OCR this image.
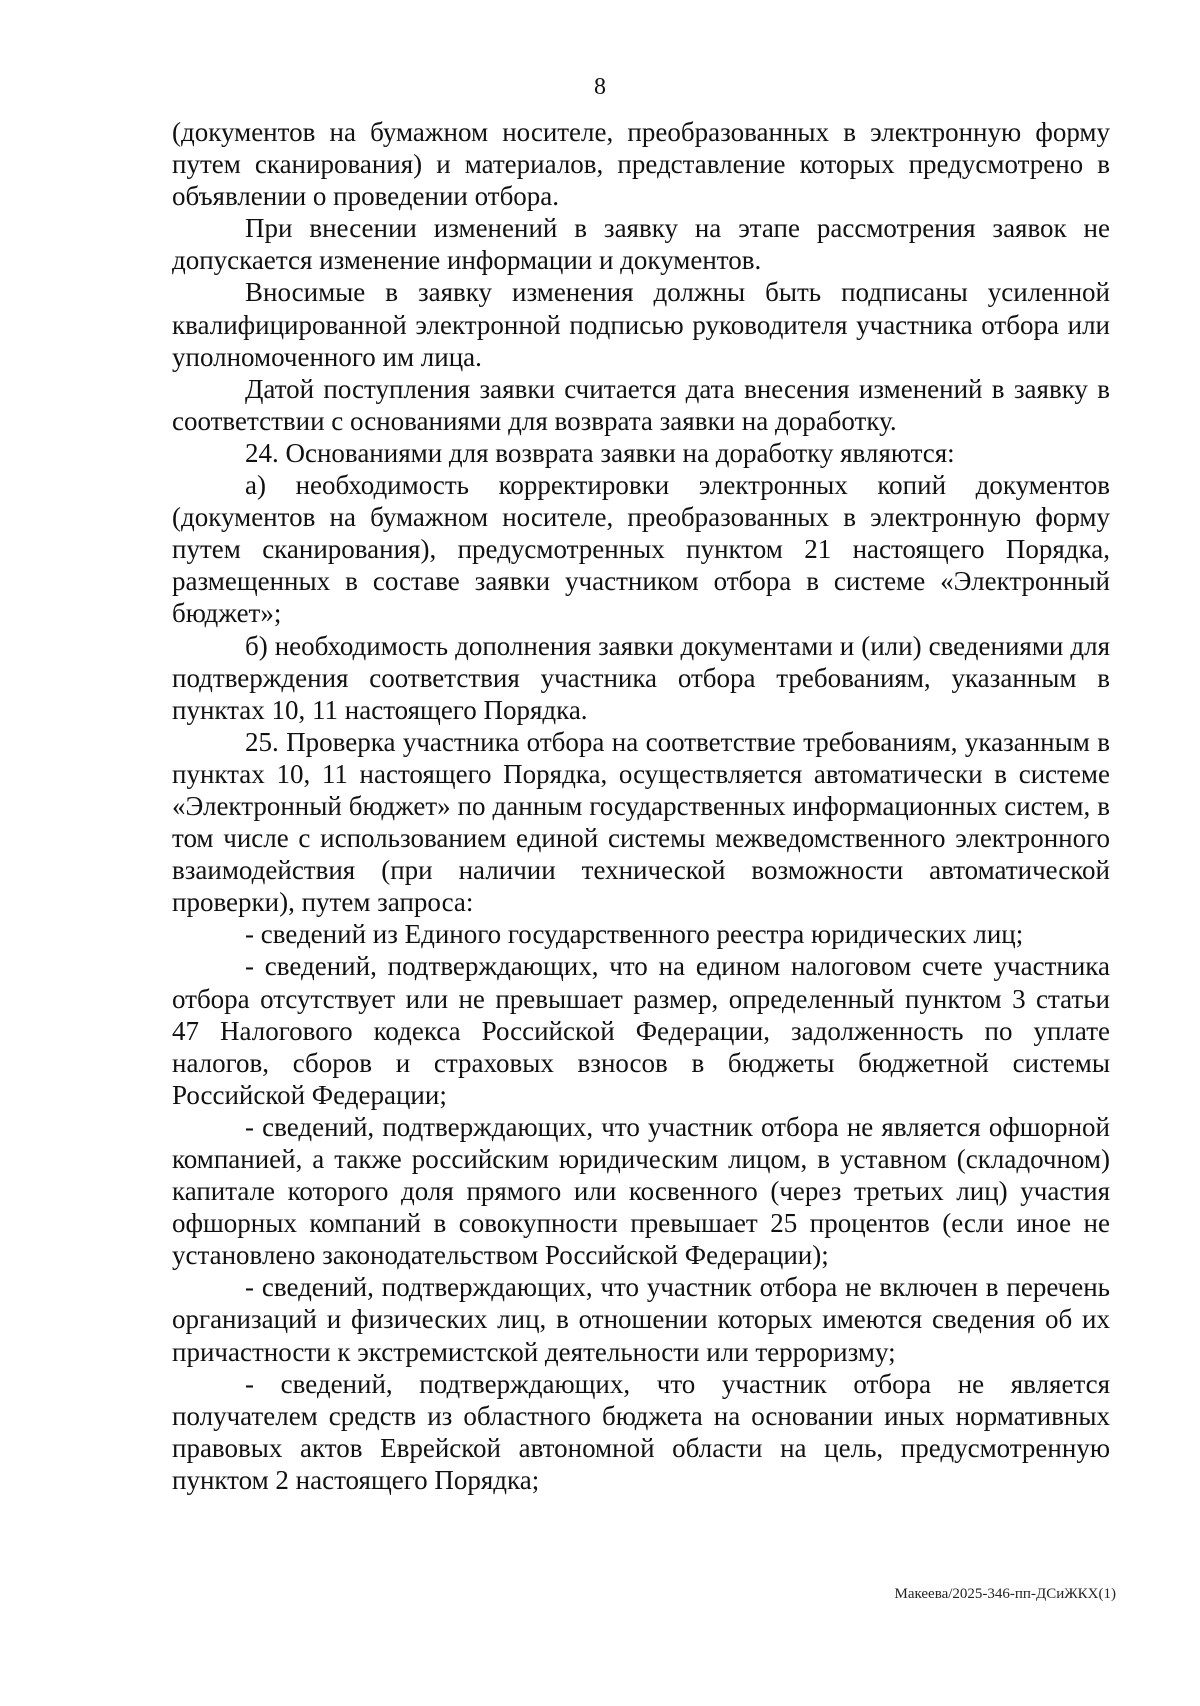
8

(документов на бумажном носителе, преобразованных в электронную форму путем сканирования) и материалов, представление которых предусмотрено в объявлении о проведении отбора.

При внесении изменений в заявку на этапе рассмотрения заявок не допускается изменение информации и документов.

Вносимые в заявку изменения должны быть подписаны усиленной квалифицированной электронной подписью руководителя участника отбора или уполномоченного им лица.

Датой поступления заявки считается дата внесения изменений в заявку в соответствии с основаниями для возврата заявки на доработку.

24. Основаниями для возврата заявки на доработку являются:

а) необходимость корректировки электронных копий документов (документов на бумажном носителе, преобразованных в электронную форму путем сканирования), предусмотренных пунктом 21 настоящего Порядка, размещенных в составе заявки участником отбора в системе «Электронный бюджет»;

б) необходимость дополнения заявки документами и (или) сведениями для подтверждения соответствия участника отбора требованиям, указанным в пунктах 10, 11 настоящего Порядка.

25. Проверка участника отбора на соответствие требованиям, указанным в пунктах 10, 11 настоящего Порядка, осуществляется автоматически в системе «Электронный бюджет» по данным государственных информационных систем, в том числе с использованием единой системы межведомственного электронного взаимодействия (при наличии технической возможности автоматической проверки), путем запроса:

- сведений из Единого государственного реестра юридических лиц;

- сведений, подтверждающих, что на едином налоговом счете участника отбора отсутствует или не превышает размер, определенный пунктом 3 статьи 47 Налогового кодекса Российской Федерации, задолженность по уплате налогов, сборов и страховых взносов в бюджеты бюджетной системы Российской Федерации;

- сведений, подтверждающих, что участник отбора не является офшорной компанией, а также российским юридическим лицом, в уставном (складочном) капитале которого доля прямого или косвенного (через третьих лиц) участия офшорных компаний в совокупности превышает 25 процентов (если иное не установлено законодательством Российской Федерации);

- сведений, подтверждающих, что участник отбора не включен в перечень организаций и физических лиц, в отношении которых имеются сведения об их причастности к экстремистской деятельности или терроризму;

- сведений, подтверждающих, что участник отбора не является получателем средств из областного бюджета на основании иных нормативных правовых актов Еврейской автономной области на цель, предусмотренную пунктом 2 настоящего Порядка;

Макеева/2025-346-пп-ДСиЖКХ(1)
